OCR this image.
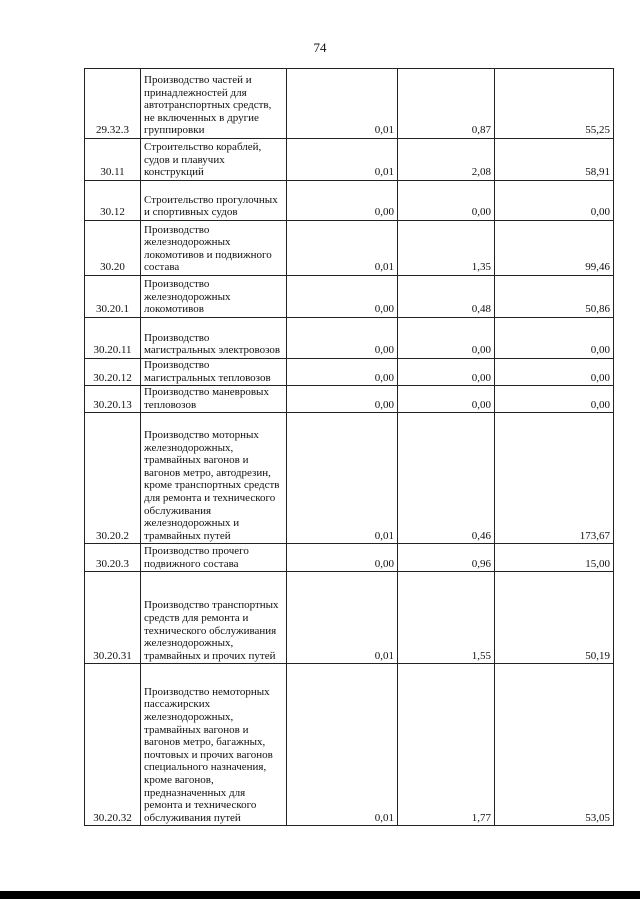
74
29.32.3	Производство частей и принадлежностей для автотранспортных средств, не включенных в другие группировки	0,01	0,87	55,25
30.11	Строительство кораблей, судов и плавучих конструкций	0,01	2,08	58,91
30.12	Строительство прогулочных и спортивных судов	0,00	0,00	0,00
30.20	Производство железнодорожных локомотивов и подвижного состава	0,01	1,35	99,46
30.20.1	Производство железнодорожных локомотивов	0,00	0,48	50,86
30.20.11	Производство магистральных электровозов	0,00	0,00	0,00
30.20.12	Производство магистральных тепловозов	0,00	0,00	0,00
30.20.13	Производство маневровых тепловозов	0,00	0,00	0,00
30.20.2	Производство моторных железнодорожных, трамвайных вагонов и вагонов метро, автодрезин, кроме транспортных средств для ремонта и технического обслуживания железнодорожных и трамвайных путей	0,01	0,46	173,67
30.20.3	Производство прочего подвижного состава	0,00	0,96	15,00
30.20.31	Производство транспортных средств для ремонта и технического обслуживания железнодорожных, трамвайных и прочих путей	0,01	1,55	50,19
30.20.32	Производство немоторных пассажирских железнодорожных, трамвайных вагонов и вагонов метро, багажных, почтовых и прочих вагонов специального назначения, кроме вагонов, предназначенных для ремонта и технического обслуживания путей	0,01	1,77	53,05
